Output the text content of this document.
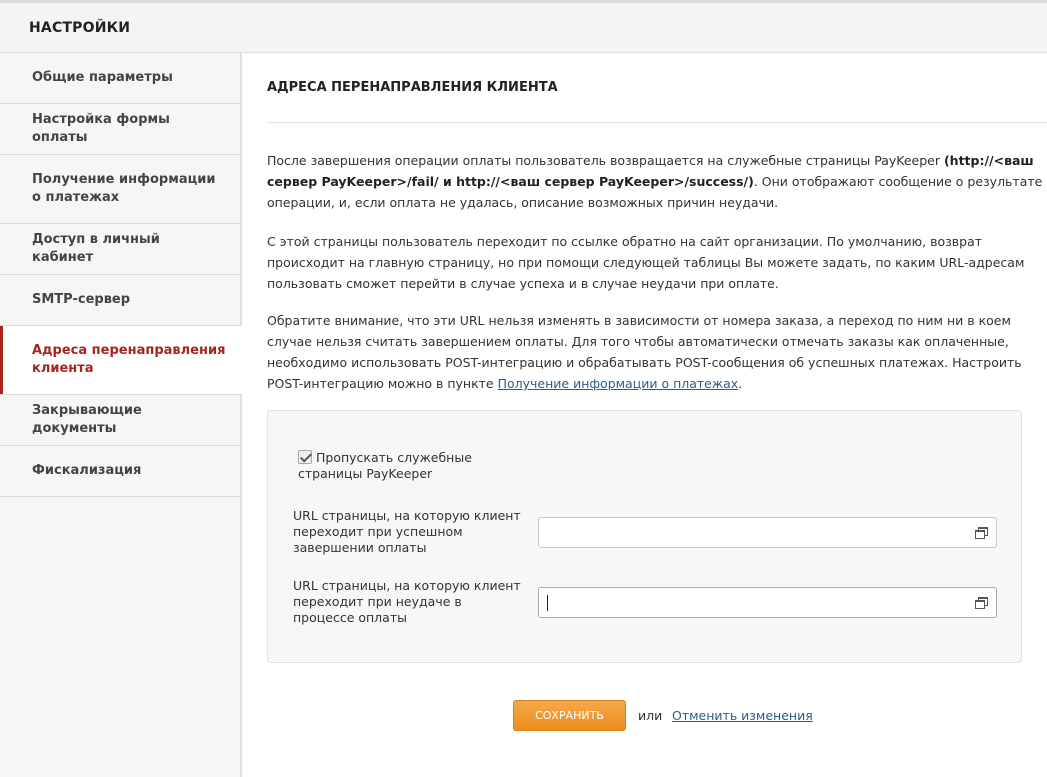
НАСТРОЙКИ
Общие параметры
Настройка формы оплаты
Получение информации о платежах
Доступ в личный кабинет
SMTP-сервер
Адреса перенаправления клиента
Закрывающие документы
Фискализация
АДРЕСА ПЕРЕНАПРАВЛЕНИЯ КЛИЕНТА
После завершения операции оплаты пользователь возвращается на служебные страницы PayKeeper (http://<ваш сервер PayKeeper>/fail/ и http://<ваш сервер PayKeeper>/success/). Они отображают сообщение о результате операции, и, если оплата не удалась, описание возможных причин неудачи.
С этой страницы пользователь переходит по ссылке обратно на сайт организации. По умолчанию, возврат происходит на главную страницу, но при помощи следующей таблицы Вы можете задать, по каким URL-адресам пользовать сможет перейти в случае успеха и в случае неудачи при оплате.
Обратите внимание, что эти URL нельзя изменять в зависимости от номера заказа, а переход по ним ни в коем случае нельзя считать завершением оплаты. Для того чтобы автоматически отмечать заказы как оплаченные, необходимо использовать POST-интеграцию и обрабатывать POST-сообщения об успешных платежах. Настроить POST-интеграцию можно в пункте Получение информации о платежах.
Пропускать служебные страницы PayKeeper
URL страницы, на которую клиент переходит при успешном завершении оплаты
URL страницы, на которую клиент переходит при неудаче в процессе оплаты
СОХРАНИТЬ	или Отменить изменения
